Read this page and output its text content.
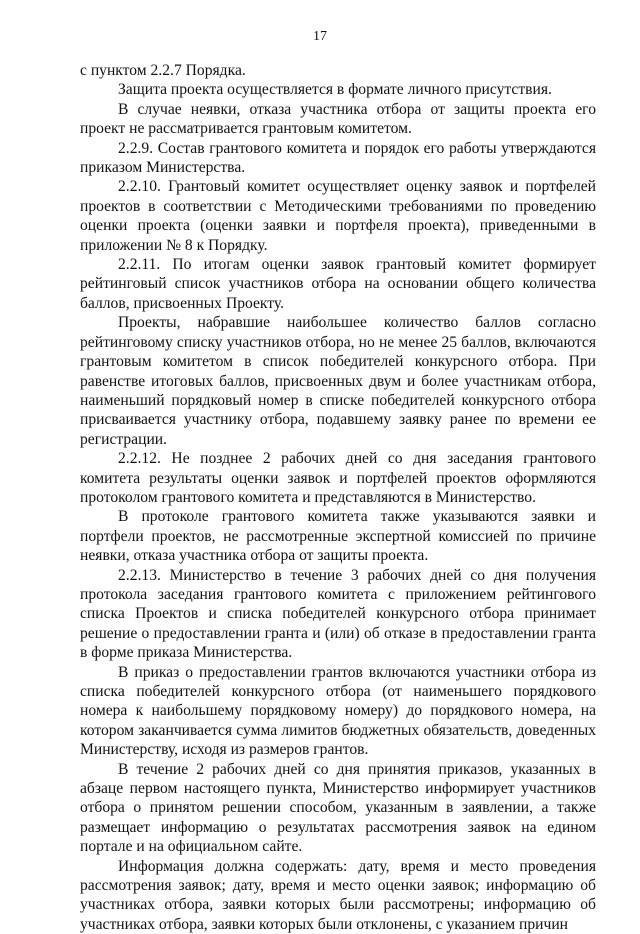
17

с пунктом 2.2.7 Порядка.

Защита проекта осуществляется в формате личного присутствия.

В случае неявки, отказа участника отбора от защиты проекта его проект не рассматривается грантовым комитетом.

2.2.9. Состав грантового комитета и порядок его работы утверждаются приказом Министерства.

2.2.10. Грантовый комитет осуществляет оценку заявок и портфелей проектов в соответствии с Методическими требованиями по проведению оценки проекта (оценки заявки и портфеля проекта), приведенными в приложении № 8 к Порядку.

2.2.11. По итогам оценки заявок грантовый комитет формирует рейтинговый список участников отбора на основании общего количества баллов, присвоенных Проекту.

Проекты, набравшие наибольшее количество баллов согласно рейтинговому списку участников отбора, но не менее 25 баллов, включаются грантовым комитетом в список победителей конкурсного отбора. При равенстве итоговых баллов, присвоенных двум и более участникам отбора, наименьший порядковый номер в списке победителей конкурсного отбора присваивается участнику отбора, подавшему заявку ранее по времени ее регистрации.

2.2.12. Не позднее 2 рабочих дней со дня заседания грантового комитета результаты оценки заявок и портфелей проектов оформляются протоколом грантового комитета и представляются в Министерство.

В протоколе грантового комитета также указываются заявки и портфели проектов, не рассмотренные экспертной комиссией по причине неявки, отказа участника отбора от защиты проекта.

2.2.13. Министерство в течение 3 рабочих дней со дня получения протокола заседания грантового комитета с приложением рейтингового списка Проектов и списка победителей конкурсного отбора принимает решение о предоставлении гранта и (или) об отказе в предоставлении гранта в форме приказа Министерства.

В приказ о предоставлении грантов включаются участники отбора из списка победителей конкурсного отбора (от наименьшего порядкового номера к наибольшему порядковому номеру) до порядкового номера, на котором заканчивается сумма лимитов бюджетных обязательств, доведенных Министерству, исходя из размеров грантов.

В течение 2 рабочих дней со дня принятия приказов, указанных в абзаце первом настоящего пункта, Министерство информирует участников отбора о принятом решении способом, указанным в заявлении, а также размещает информацию о результатах рассмотрения заявок на едином портале и на официальном сайте.

Информация должна содержать: дату, время и место проведения рассмотрения заявок; дату, время и место оценки заявок; информацию об участниках отбора, заявки которых были рассмотрены; информацию об участниках отбора, заявки которых были отклонены, с указанием причин
